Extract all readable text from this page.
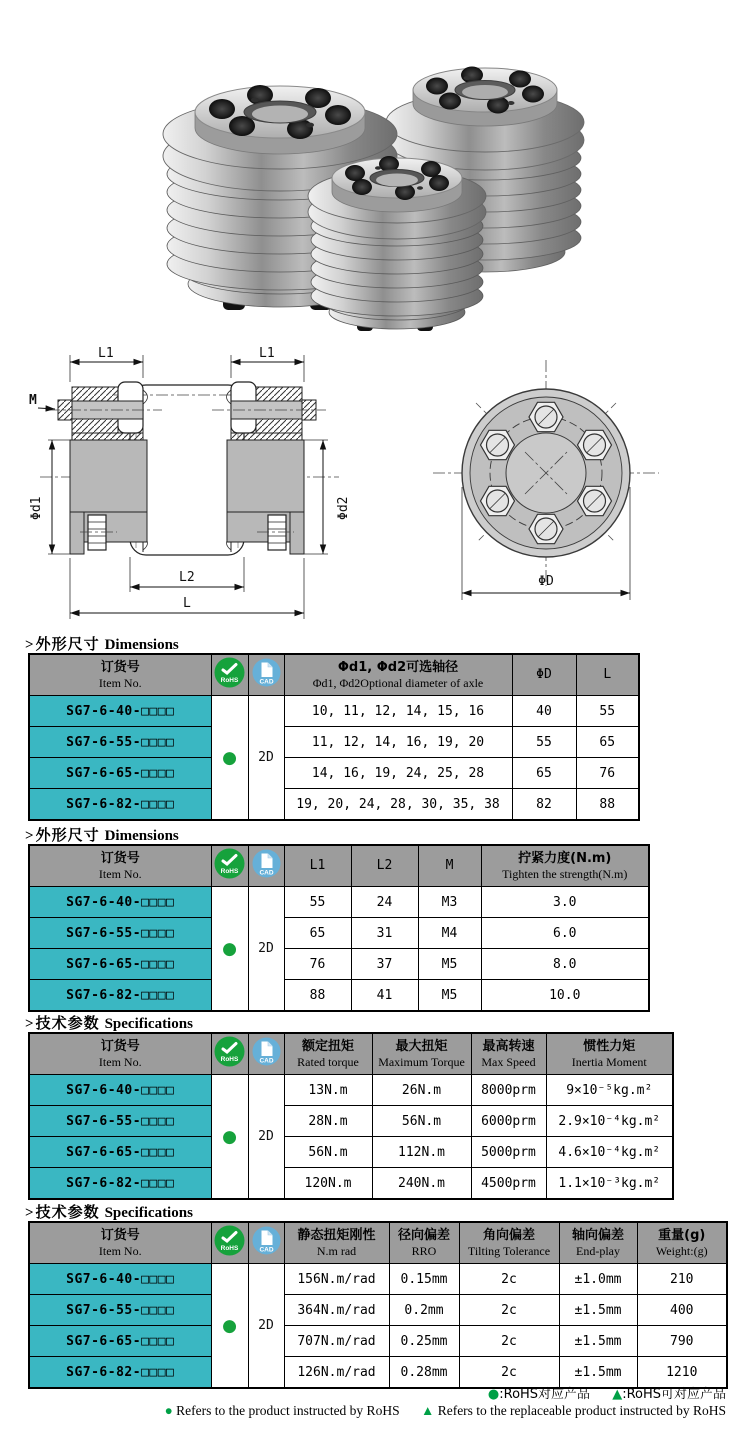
L1	L1
M
Φd1	Φd2
L2
L
ΦD
> 外形尺寸 Dimensions
订货号
Item No.	RoHS	CAD

Φd1, Φd2可选轴径
Φd1, Φd2Optional diameter of axle

ΦD	L

SG7-6-40-□□□□	●	2D	10, 11, 12, 14, 15, 16	40	55
SG7-6-55-□□□□			11, 12, 14, 16, 19, 20	55	65
SG7-6-65-□□□□			14, 16, 19, 24, 25, 28	65	76
SG7-6-82-□□□□			19, 20, 24, 28, 30, 35, 38	82	88
> 外形尺寸 Dimensions
订货号
Item No.	RoHS	CAD

L1	L2	M	拧紧力度(N.m)
Tighten the strength(N.m)

SG7-6-40-□□□□	●	2D	55	24	M3	3.0
SG7-6-55-□□□□			65	31	M4	6.0
SG7-6-65-□□□□			76	37	M5	8.0
SG7-6-82-□□□□			88	41	M5	10.0
> 技术参数 Specifications
订货号
Item No.	RoHS	CAD

额定扭矩
Rated torque

最大扭矩
Maximum Torque

最高转速
Max Speed

惯性力矩
Inertia Moment

SG7-6-40-□□□□	●	2D	13N.m	26N.m	8000prm	9×10⁻⁵kg.m²
SG7-6-55-□□□□			28N.m	56N.m	6000prm	2.9×10⁻⁴kg.m²
SG7-6-65-□□□□			56N.m	112N.m	5000prm	4.6×10⁻⁴kg.m²
SG7-6-82-□□□□			120N.m	240N.m	4500prm	1.1×10⁻³kg.m²
> 技术参数 Specifications
订货号
Item No.	RoHS	CAD

静态扭矩刚性
N.m rad

径向偏差
RRO

角向偏差
Tilting Tolerance

轴向偏差
End-play

重量(g)
Weight:(g)

SG7-6-40-□□□□	●	2D	156N.m/rad	0.15mm	2c	±1.0mm	210
SG7-6-55-□□□□			364N.m/rad	0.2mm	2c	±1.5mm	400
SG7-6-65-□□□□			707N.m/rad	0.25mm	2c	±1.5mm	790
SG7-6-82-□□□□			126N.m/rad	0.28mm	2c	±1.5mm	1210
●:RoHS对应产品 ▲:RoHS可对应产品
● Refers to the product instructed by RoHS ▲ Refers to the replaceable product instructed by RoHS
